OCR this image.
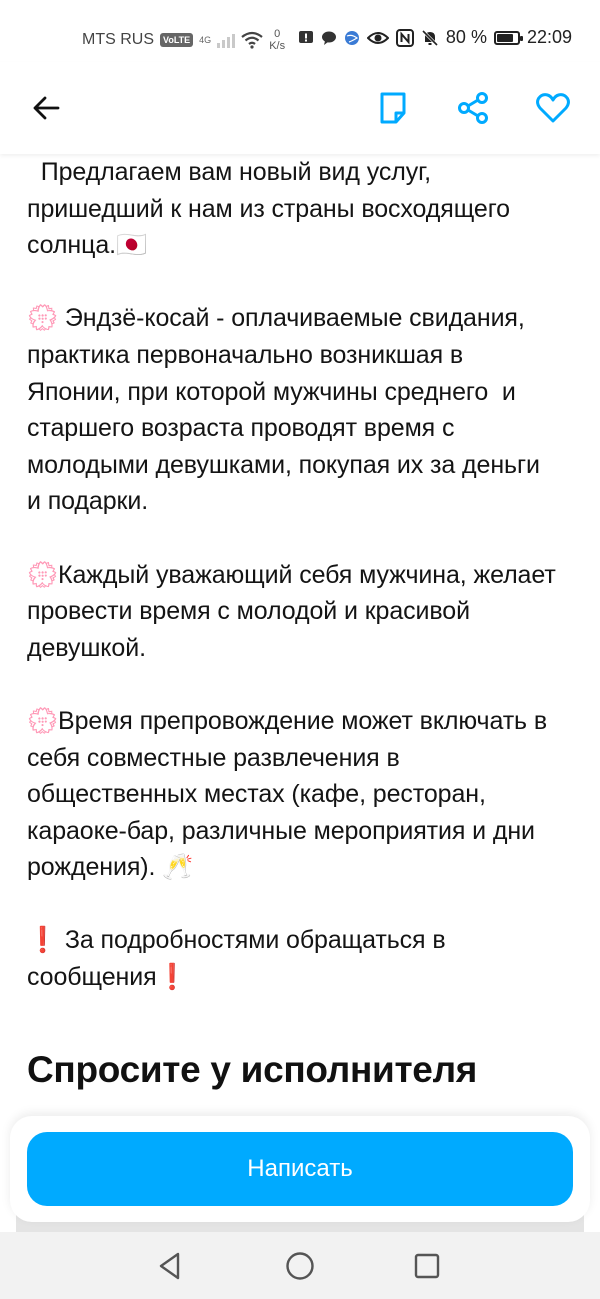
MTS RUS	VoLTE	4G	0
K/s	80 % 22:09
Предлагаем вам новый вид услуг,
пришедший к нам из страны восходящего
солнца.🇯🇵

💮 Эндзё-косай - оплачиваемые свидания,
практика первоначально возникшая в
Японии, при которой мужчины среднего  и
старшего возраста проводят время с
молодыми девушками, покупая их за деньги
и подарки.

💮Каждый уважающий себя мужчина, желает
провести время с молодой и красивой
девушкой.

💮Время препровождение может включать в
себя совместные развлечения в
общественных местах (кафе, ресторан,
караоке-бар, различные мероприятия и дни
рождения). 🥂

❗ За подробностями обращаться в
сообщения❗
Спросите у исполнителя
Написать
